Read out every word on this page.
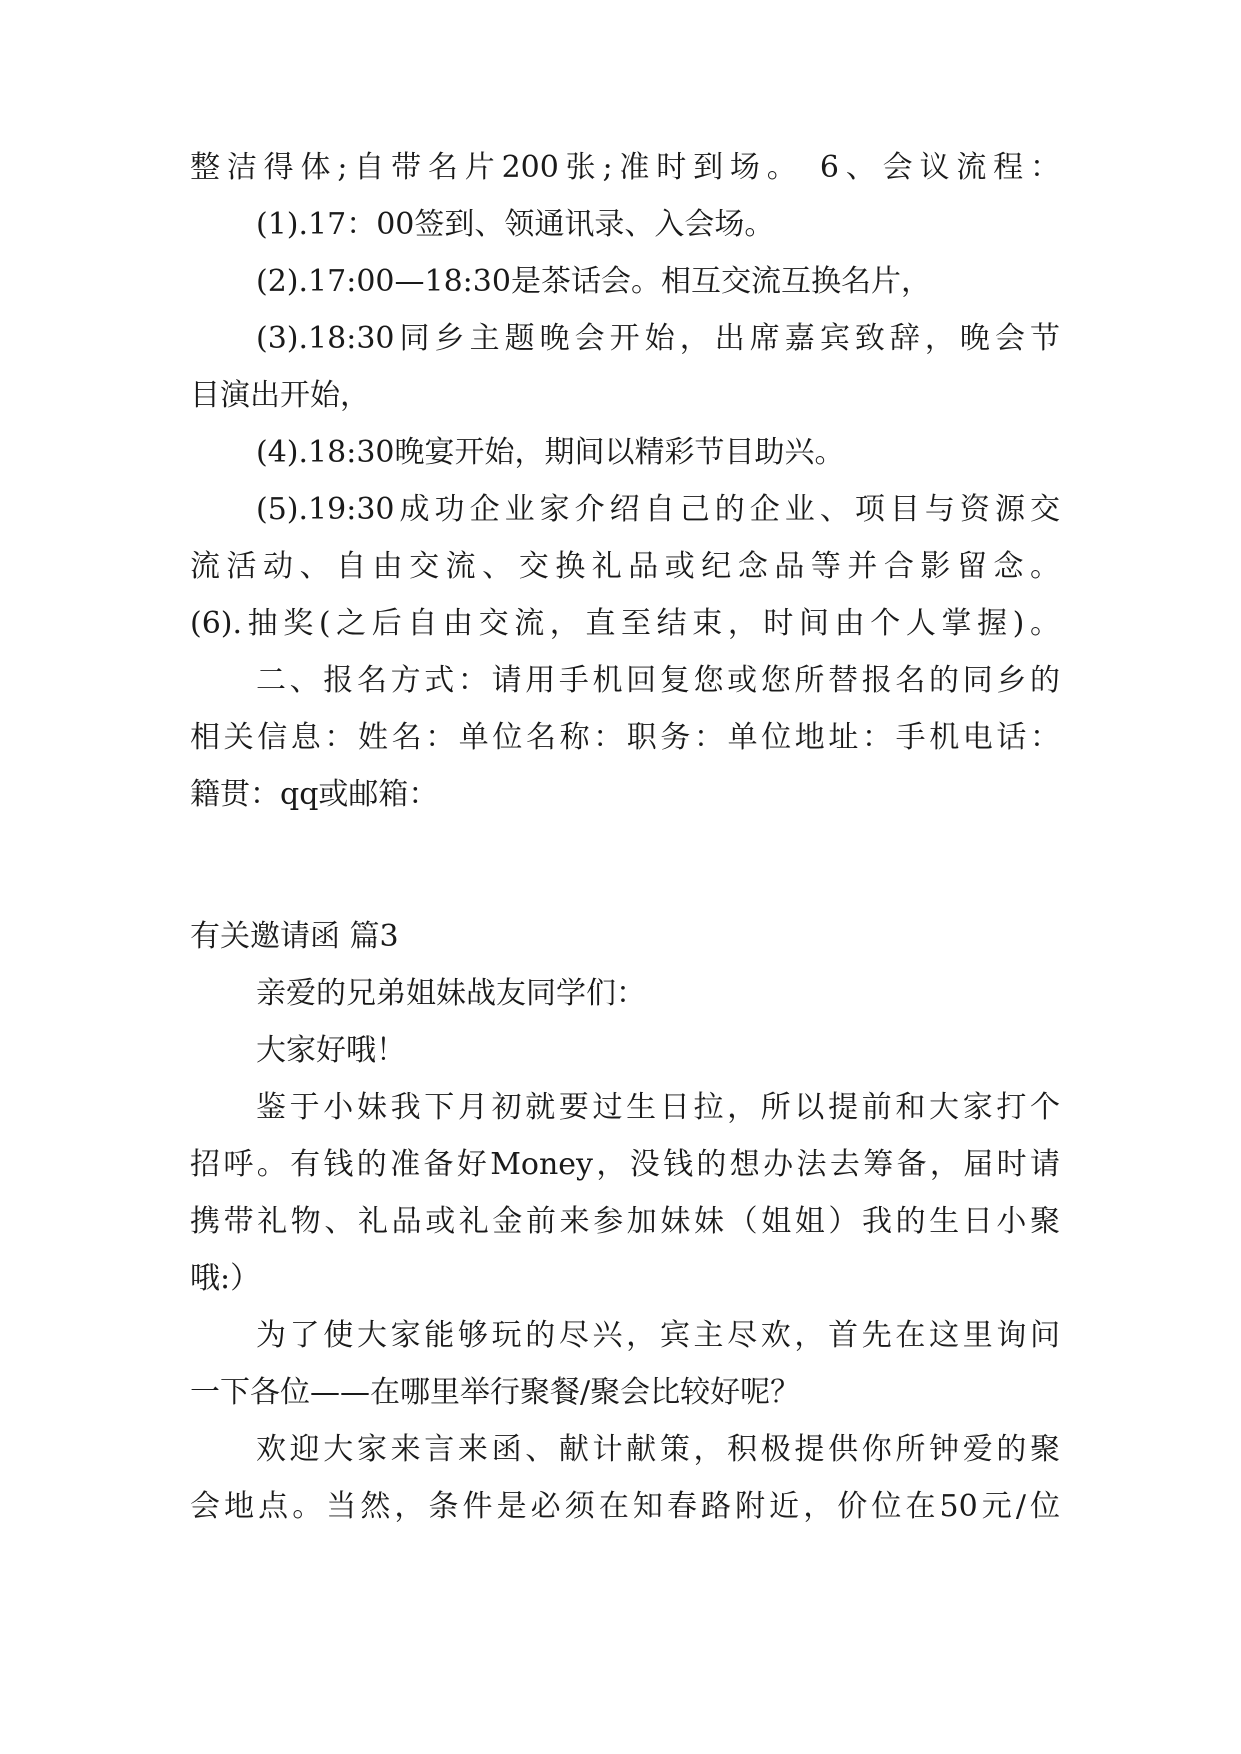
整洁得体;自带名片200张;准时到场。 6、会议流程：
(1).17：00签到、领通讯录、入会场。
(2).17:00—18:30是茶话会。相互交流互换名片，
(3).18:30同乡主题晚会开始，出席嘉宾致辞，晚会节
目演出开始，
(4).18:30晚宴开始，期间以精彩节目助兴。
(5).19:30成功企业家介绍自己的企业、项目与资源交
流活动、自由交流、交换礼品或纪念品等并合影留念。
(6).抽奖(之后自由交流，直至结束，时间由个人掌握)。
二、报名方式：请用手机回复您或您所替报名的同乡的
相关信息：姓名：单位名称：职务：单位地址：手机电话：
籍贯：qq或邮箱：
有关邀请函 篇3
亲爱的兄弟姐妹战友同学们：
大家好哦！
鉴于小妹我下月初就要过生日拉，所以提前和大家打个
招呼。有钱的准备好Money，没钱的想办法去筹备，届时请
携带礼物、礼品或礼金前来参加妹妹（姐姐）我的生日小聚
哦:）
为了使大家能够玩的尽兴，宾主尽欢，首先在这里询问
一下各位——在哪里举行聚餐/聚会比较好呢？
欢迎大家来言来函、献计献策，积极提供你所钟爱的聚
会地点。当然，条件是必须在知春路附近，价位在50元/位
